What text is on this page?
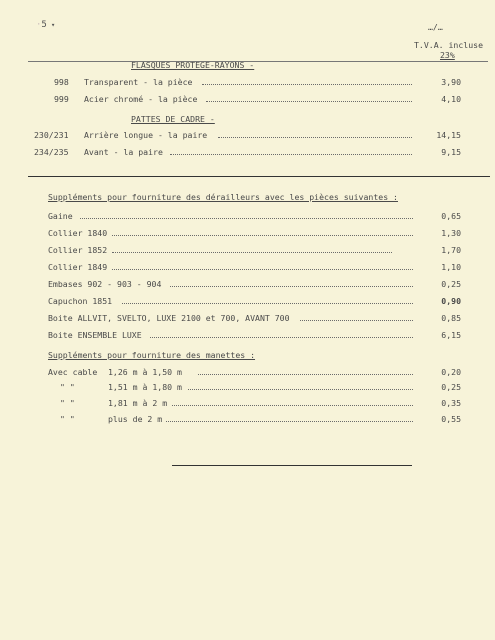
·5 ▾	…/…
T.V.A. incluse
23%
FLASQUES PROTEGE-RAYONS -
998 Transparent - la pièce	3,90
999 Acier chromé - la pièce	4,10
PATTES DE CADRE -
230/231 Arrière longue - la paire	14,15
234/235 Avant - la paire	9,15
Suppléments pour fourniture des dérailleurs avec les pièces suivantes :
Gaine	0,65
Collier 1840	1,30
Collier 1852	1,70
Collier 1849	1,10
Embases 902 - 903 - 904	0,25
Capuchon 1851	0,90
Boite ALLVIT, SVELTO, LUXE 2100 et 700, AVANT 700	0,85
Boite ENSEMBLE LUXE	6,15
Suppléments pour fourniture des manettes :
Avec cable 1,26 m à 1,50 m	0,20
" "	1,51 m à 1,80 m	0,25
" "	1,81 m à 2 m	0,35
" "	plus de 2 m	0,55
